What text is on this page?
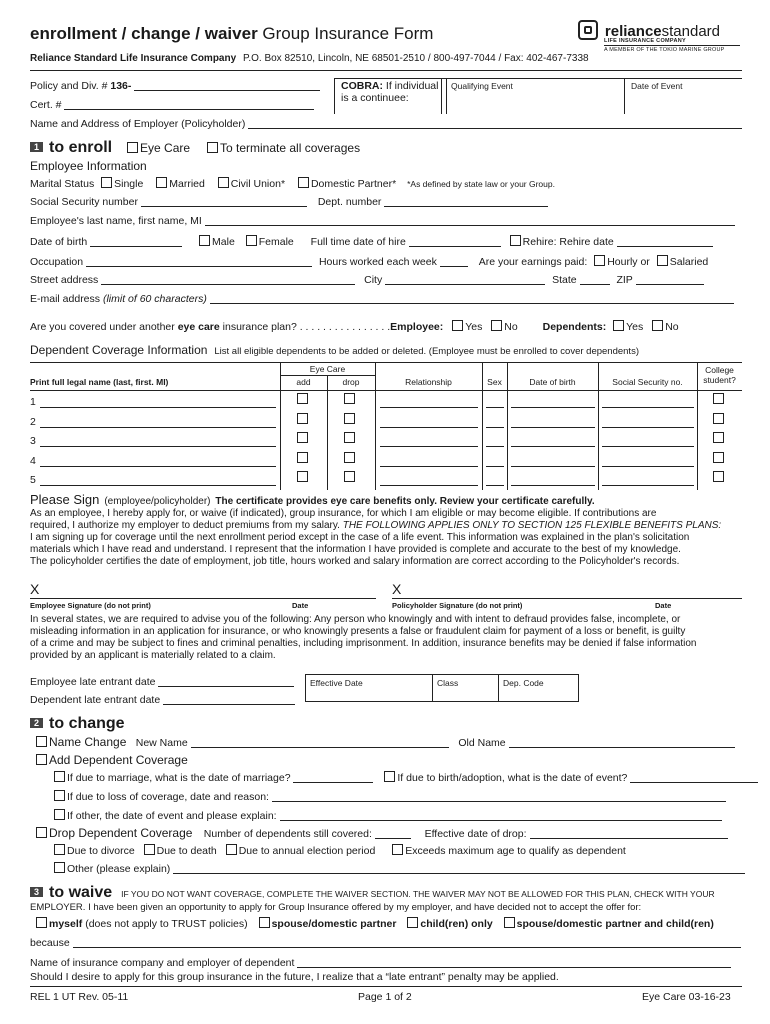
enrollment / change / waiver Group Insurance Form
Reliance Standard Life Insurance Company P.O. Box 82510, Lincoln, NE 68501-2510 / 800-497-7044 / Fax: 402-467-7338
reliancestandard
LIFE INSURANCE COMPANY
A MEMBER OF THE TOKIO MARINE GROUP
Policy and Div. # 136-
Cert. #
COBRA: If individual
is a continuee:
Qualifying Event	Date of Event
Name and Address of Employer (Policyholder)
1 to enroll Eye Care To terminate all coverages
Employee Information
Marital Status Single Married Civil Union* Domestic Partner* *As defined by state law or your Group.
Social Security number	Dept. number
Employee's last name, first name, MI
Date of birth	Male Female Full time date of hire	Rehire: Rehire date
Occupation	Hours worked each week	Are your earnings paid: Hourly or Salaried
Street address	City	State	ZIP
E-mail address (limit of 60 characters)
Are you covered under another eye care insurance plan? . . . . . . . . . . . . . . . .Employee: Yes No Dependents: Yes No
Dependent Coverage Information List all eligible dependents to be added or deleted. (Employee must be enrolled to cover dependents)
Print full legal name (last, first. MI)
Eye Care
add	drop	Relationship	Sex	Date of birth	Social Security no.
College
student?
1
2
3
4
5
Please Sign (employee/policyholder) The certificate provides eye care benefits only. Review your certificate carefully.
As an employee, I hereby apply for, or waive (if indicated), group insurance, for which I am eligible or may become eligible. If contributions are
required, I authorize my employer to deduct premiums from my salary. THE FOLLOWING APPLIES ONLY TO SECTION 125 FLEXIBLE BENEFITS PLANS:
I am signing up for coverage until the next enrollment period except in the case of a life event. This information was explained in the plan's solicitation
materials which I have read and understand. I represent that the information I have provided is complete and accurate to the best of my knowledge.
The policyholder certifies the date of employment, job title, hours worked and salary information are correct according to the Policyholder's records.
X
Employee Signature (do not print)	Date
X
Policyholder Signature (do not print)	Date
In several states, we are required to advise you of the following: Any person who knowingly and with intent to defraud provides false, incomplete, or
misleading information in an application for insurance, or who knowingly presents a false or fraudulent claim for payment of a loss or benefit, is guilty
of a crime and may be subject to fines and criminal penalties, including imprisonment. In addition, insurance benefits may be denied if false information
provided by an applicant is materially related to a claim.
Employee late entrant date
Dependent late entrant date
Effective Date	Class	Dep. Code
2 to change
Name Change New Name	Old Name
Add Dependent Coverage
If due to marriage, what is the date of marriage?	If due to birth/adoption, what is the date of event?
If due to loss of coverage, date and reason:
If other, the date of event and please explain:
Drop Dependent Coverage Number of dependents still covered:	Effective date of drop:
Due to divorce Due to death Due to annual election period	Exceeds maximum age to qualify as dependent
Other (please explain)
3 to waive IF YOU DO NOT WANT COVERAGE, COMPLETE THE WAIVER SECTION. THE WAIVER MAY NOT BE ALLOWED FOR THIS PLAN, CHECK WITH YOUR
EMPLOYER. I have been given an opportunity to apply for Group Insurance offered by my employer, and have decided not to accept the offer for:
myself (does not apply to TRUST policies) spouse/domestic partner child(ren) only spouse/domestic partner and child(ren)
because
Name of insurance company and employer of dependent
Should I desire to apply for this group insurance in the future, I realize that a “late entrant” penalty may be applied.
REL 1 UT Rev. 05-11	Page 1 of 2	Eye Care 03-16-23
